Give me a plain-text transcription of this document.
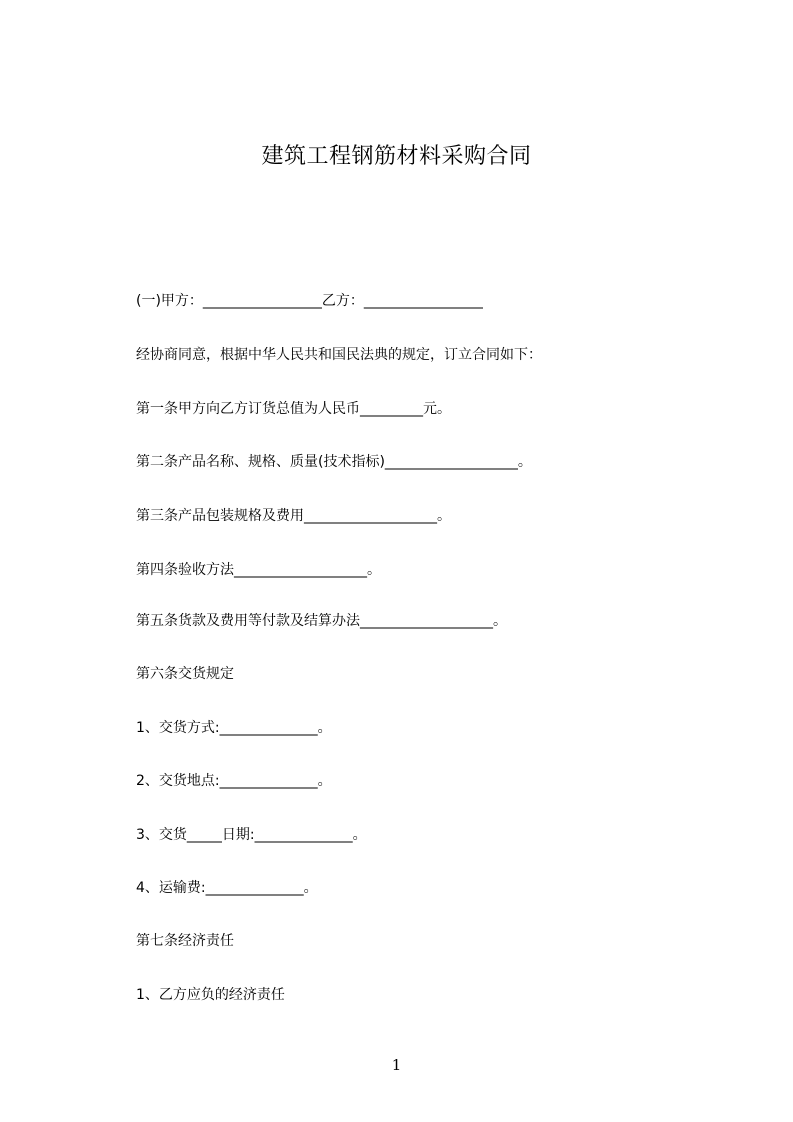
建筑工程钢筋材料采购合同

(一)甲方：_________________乙方：_________________

经协商同意，根据中华人民共和国民法典的规定，订立合同如下：

第一条甲方向乙方订货总值为人民币_________元。

第二条产品名称、规格、质量(技术指标)___________________。

第三条产品包装规格及费用___________________。

第四条验收方法___________________。

第五条货款及费用等付款及结算办法___________________。

第六条交货规定

1、交货方式:______________。

2、交货地点:______________。

3、交货_____日期:______________。

4、运输费:______________。

第七条经济责任

1、乙方应负的经济责任

1
